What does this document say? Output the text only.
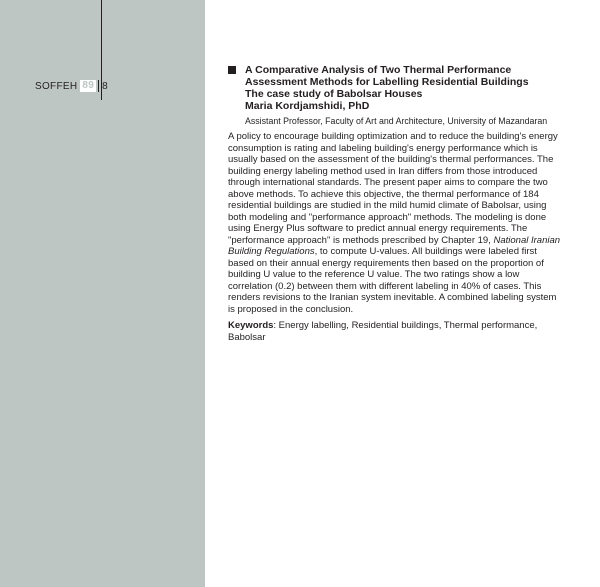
SOFFEH 89 8

A Comparative Analysis of Two Thermal Performance

Assessment Methods for Labelling Residential Buildings

The case study of Babolsar Houses

Maria Kordjamshidi, PhD

Assistant Professor, Faculty of Art and Architecture, University of Mazandaran

A policy to encourage building optimization and to reduce the building's energy consumption is rating and labeling building's energy performance which is usually based on the assessment of the building's thermal performances. The building energy labeling method used in Iran differs from those introduced through international standards. The present paper aims to compare the two above methods. To achieve this objective, the thermal performance of 184 residential buildings are studied in the mild humid climate of Babolsar, using both modeling and "performance approach" methods. The modeling is done using Energy Plus software to predict annual energy requirements. The "performance approach" is methods prescribed by Chapter 19, National Iranian Building Regulations, to compute U-values. All buildings were labeled first based on their annual energy requirements then based on the proportion of building U value to the reference U value. The two ratings show a low correlation (0.2) between them with different labeling in 40% of cases. This renders revisions to the Iranian system inevitable. A combined labeling system is proposed in the conclusion.

Keywords: Energy labelling, Residential buildings, Thermal performance, Babolsar
